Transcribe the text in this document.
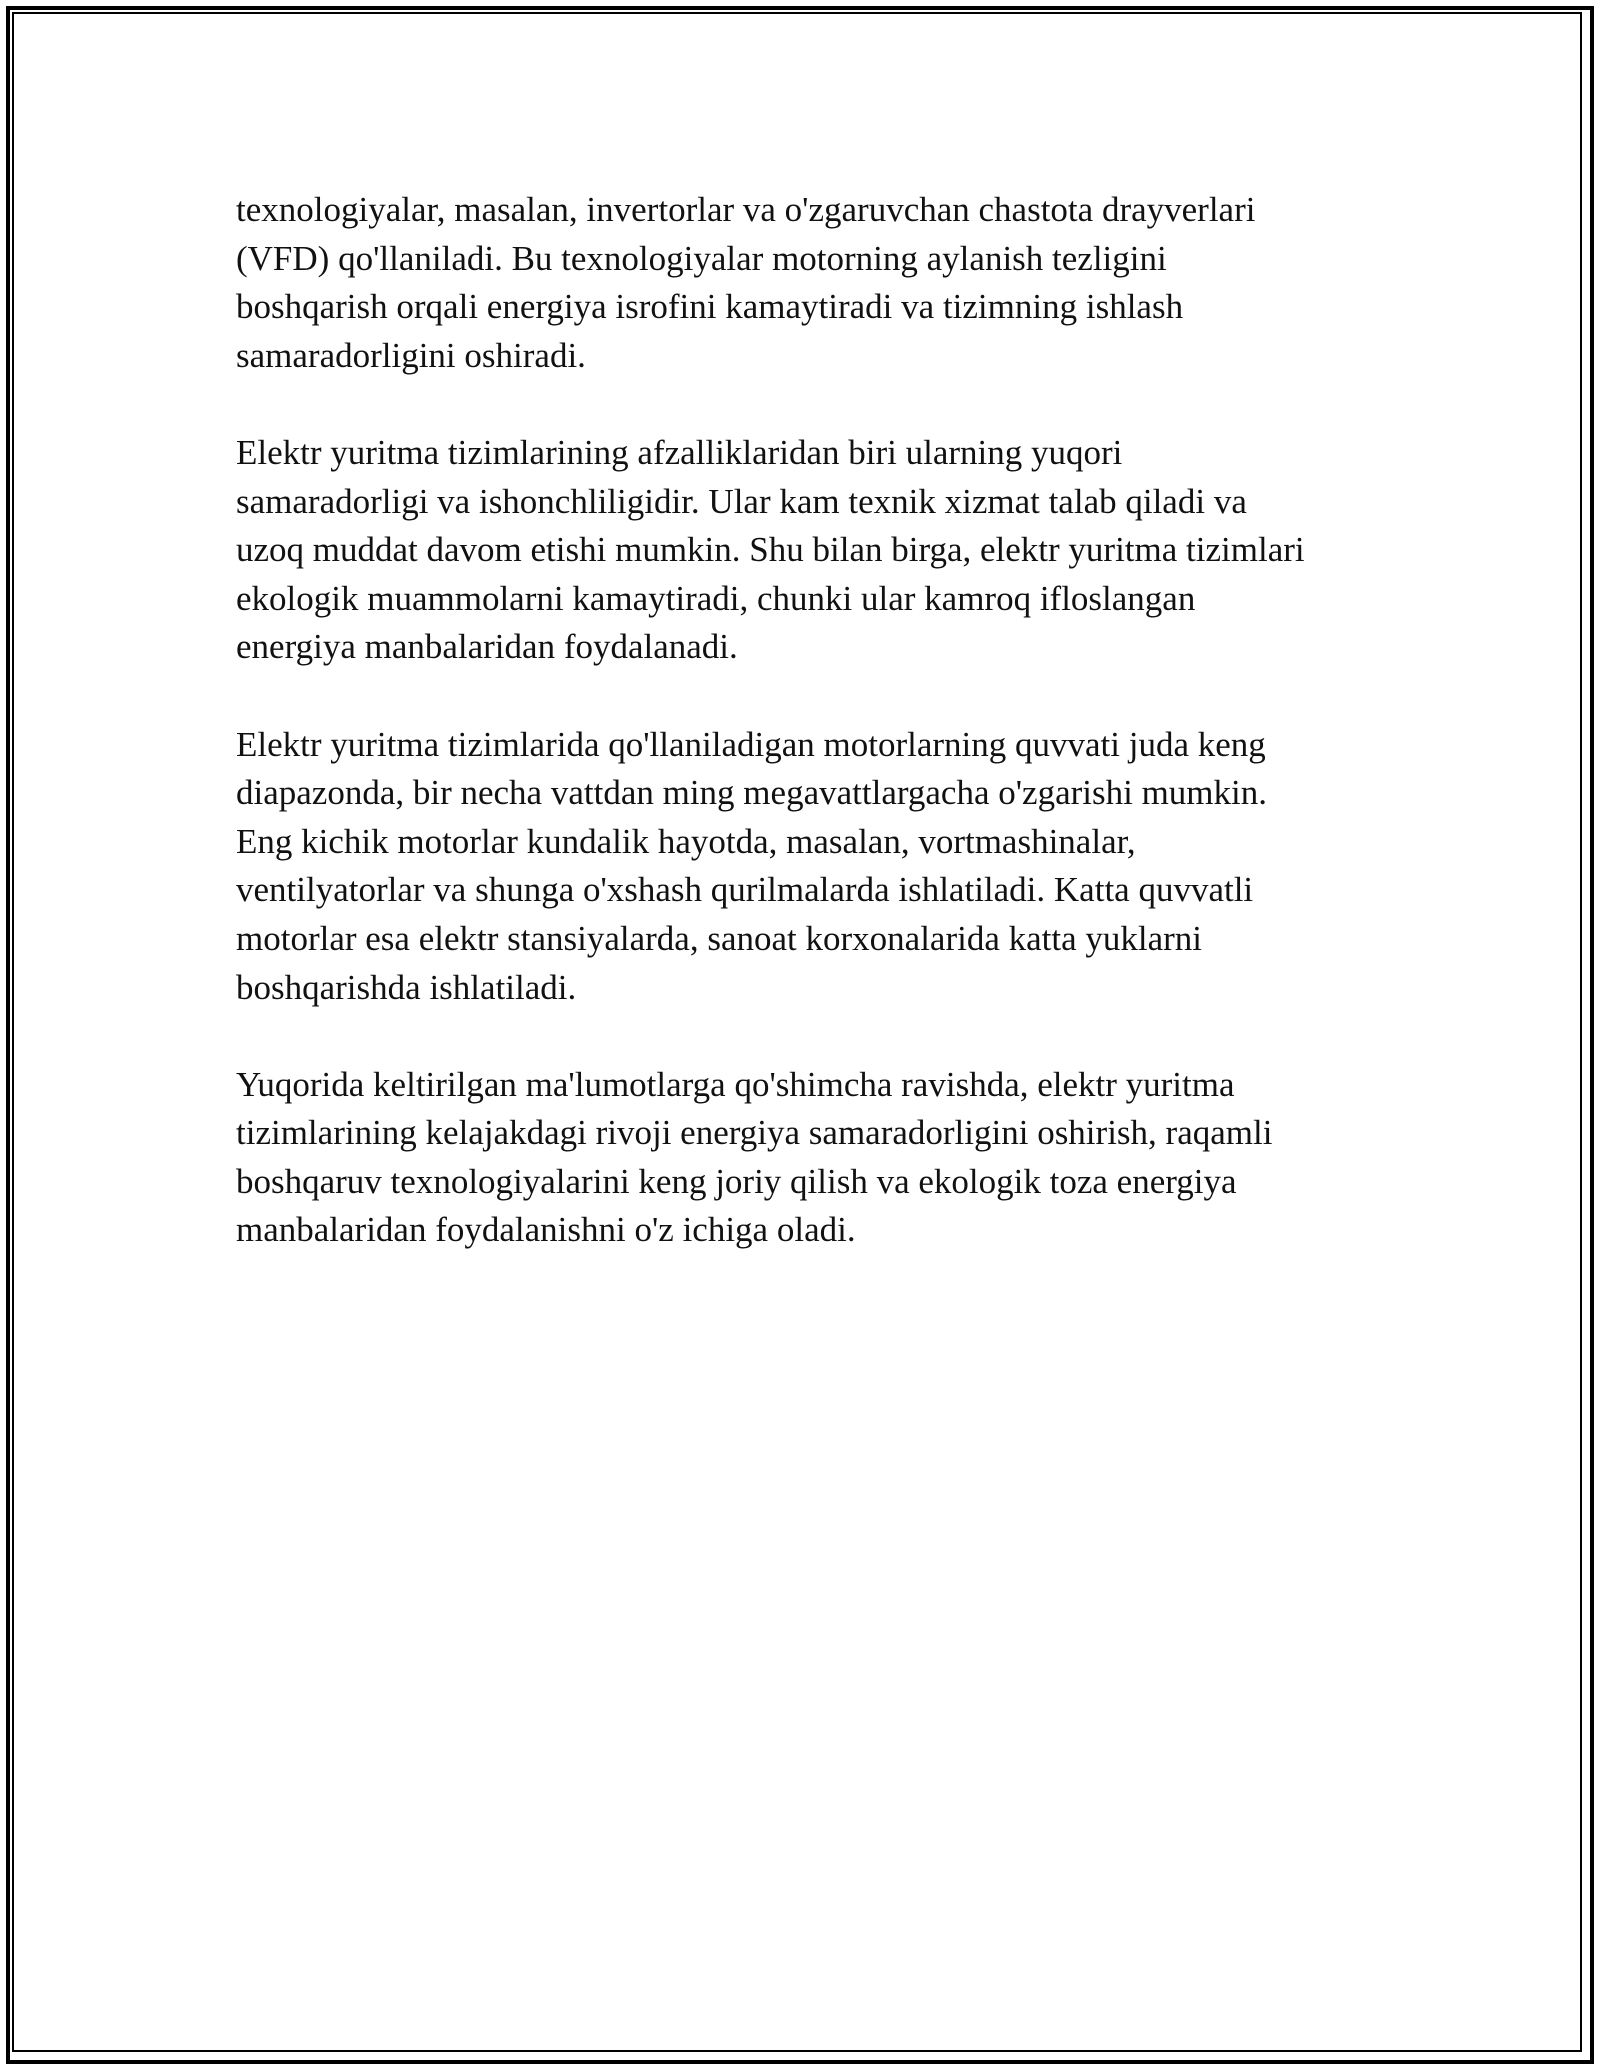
texnologiyalar, masalan, invertorlar va o'zgaruvchan chastota drayverlari
(VFD) qo'llaniladi. Bu texnologiyalar motorning aylanish tezligini
boshqarish orqali energiya isrofini kamaytiradi va tizimning ishlash
samaradorligini oshiradi.

Elektr yuritma tizimlarining afzalliklaridan biri ularning yuqori
samaradorligi va ishonchliligidir. Ular kam texnik xizmat talab qiladi va
uzoq muddat davom etishi mumkin. Shu bilan birga, elektr yuritma tizimlari
ekologik muammolarni kamaytiradi, chunki ular kamroq ifloslangan
energiya manbalaridan foydalanadi.

Elektr yuritma tizimlarida qo'llaniladigan motorlarning quvvati juda keng
diapazonda, bir necha vattdan ming megavattlargacha o'zgarishi mumkin.
Eng kichik motorlar kundalik hayotda, masalan, vortmashinalar,
ventilyatorlar va shunga o'xshash qurilmalarda ishlatiladi. Katta quvvatli
motorlar esa elektr stansiyalarda, sanoat korxonalarida katta yuklarni
boshqarishda ishlatiladi.

Yuqorida keltirilgan ma'lumotlarga qo'shimcha ravishda, elektr yuritma
tizimlarining kelajakdagi rivoji energiya samaradorligini oshirish, raqamli
boshqaruv texnologiyalarini keng joriy qilish va ekologik toza energiya
manbalaridan foydalanishni o'z ichiga oladi.
